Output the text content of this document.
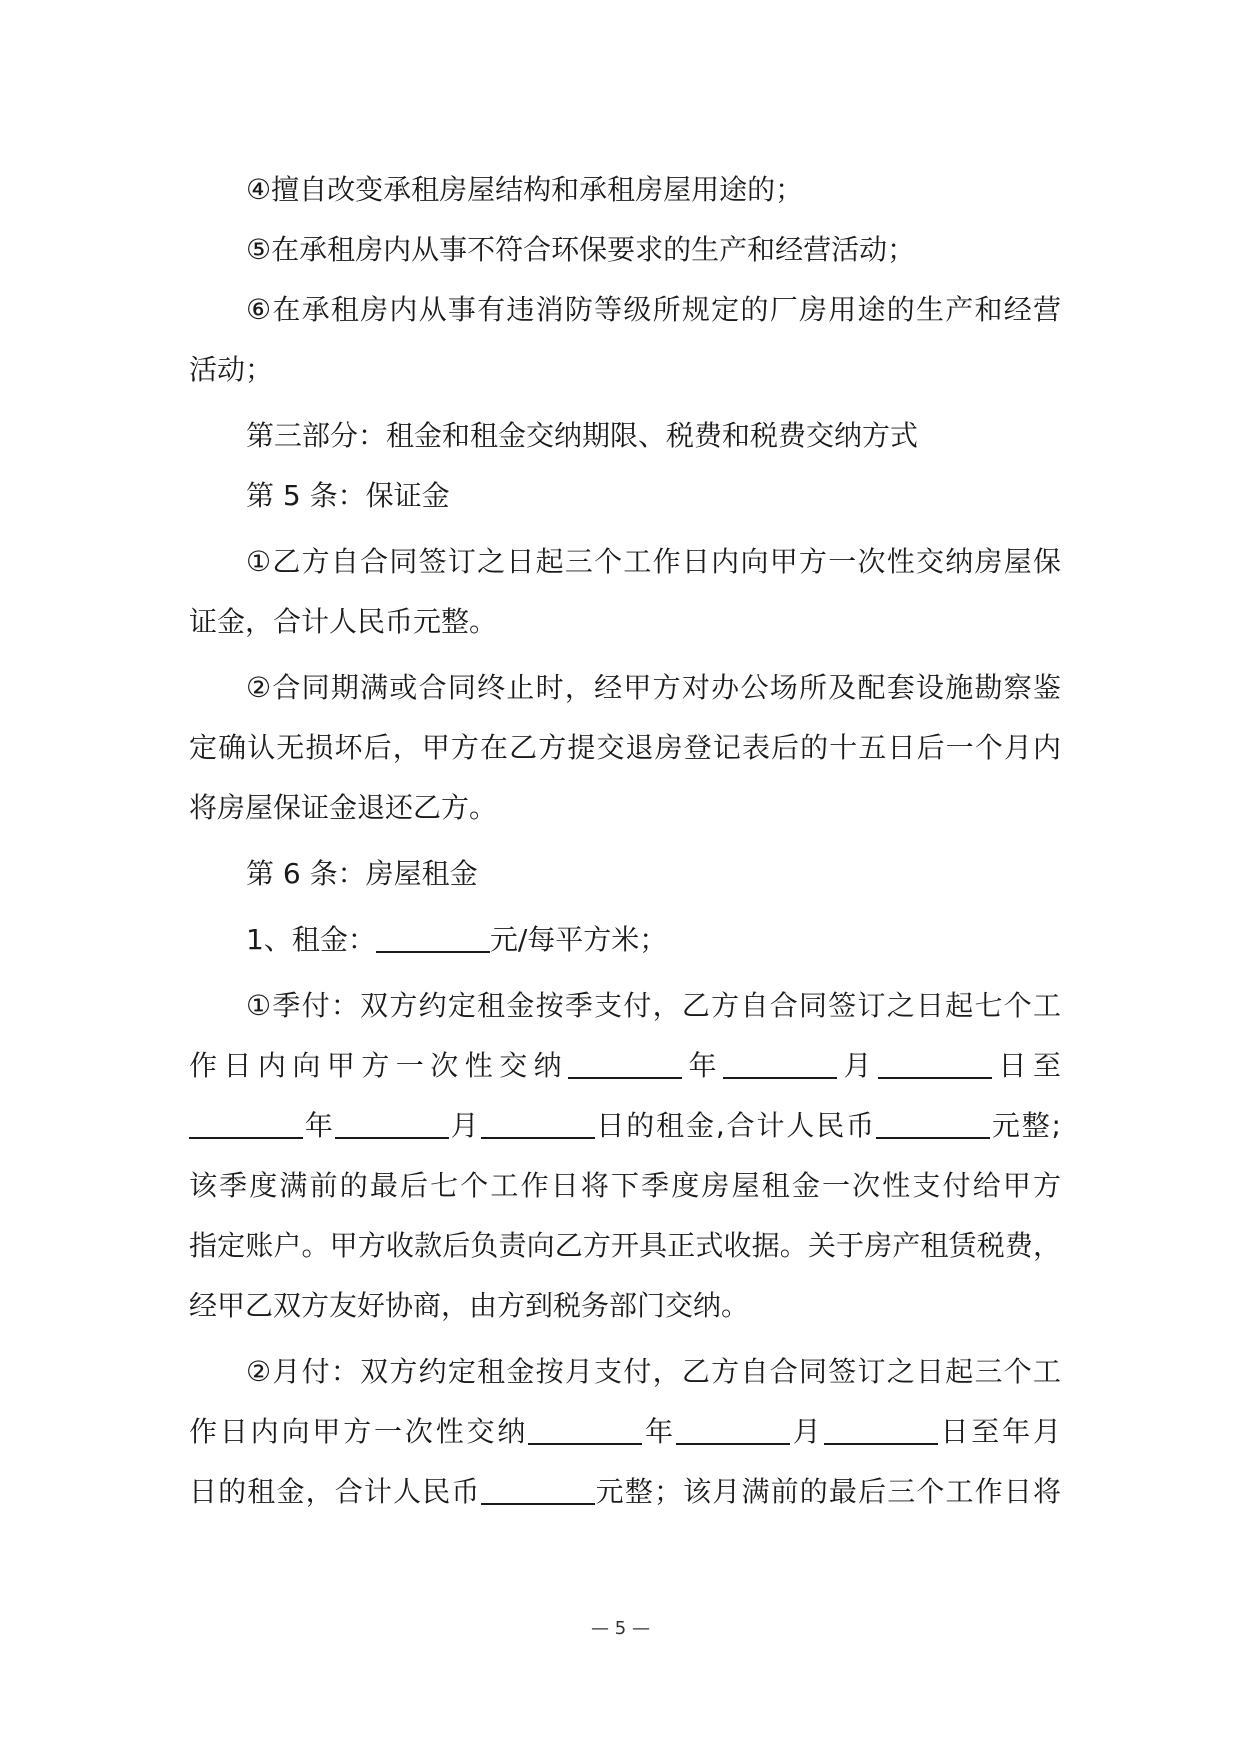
④擅自改变承租房屋结构和承租房屋用途的；
⑤在承租房内从事不符合环保要求的生产和经营活动；
⑥在承租房内从事有违消防等级所规定的厂房用途的生产和经营
活动；
第三部分：租金和租金交纳期限、税费和税费交纳方式
第 5 条：保证金
①乙方自合同签订之日起三个工作日内向甲方一次性交纳房屋保
证金，合计人民币元整。
②合同期满或合同终止时，经甲方对办公场所及配套设施勘察鉴
定确认无损坏后，甲方在乙方提交退房登记表后的十五日后一个月内
将房屋保证金退还乙方。
第 6 条：房屋租金
1、租金：	元/每平方米；
①季付：双方约定租金按季支付，乙方自合同签订之日起七个工
作日内向甲方一次性交纳	年	月	日至
年	月	日的租金,合计人民币	元整;
该季度满前的最后七个工作日将下季度房屋租金一次性支付给甲方
指定账户。甲方收款后负责向乙方开具正式收据。关于房产租赁税费，
经甲乙双方友好协商，由方到税务部门交纳。
②月付：双方约定租金按月支付，乙方自合同签订之日起三个工
作日内向甲方一次性交纳	年	月	日至年月
日的租金，合计人民币	元整；该月满前的最后三个工作日将
— 5 —
